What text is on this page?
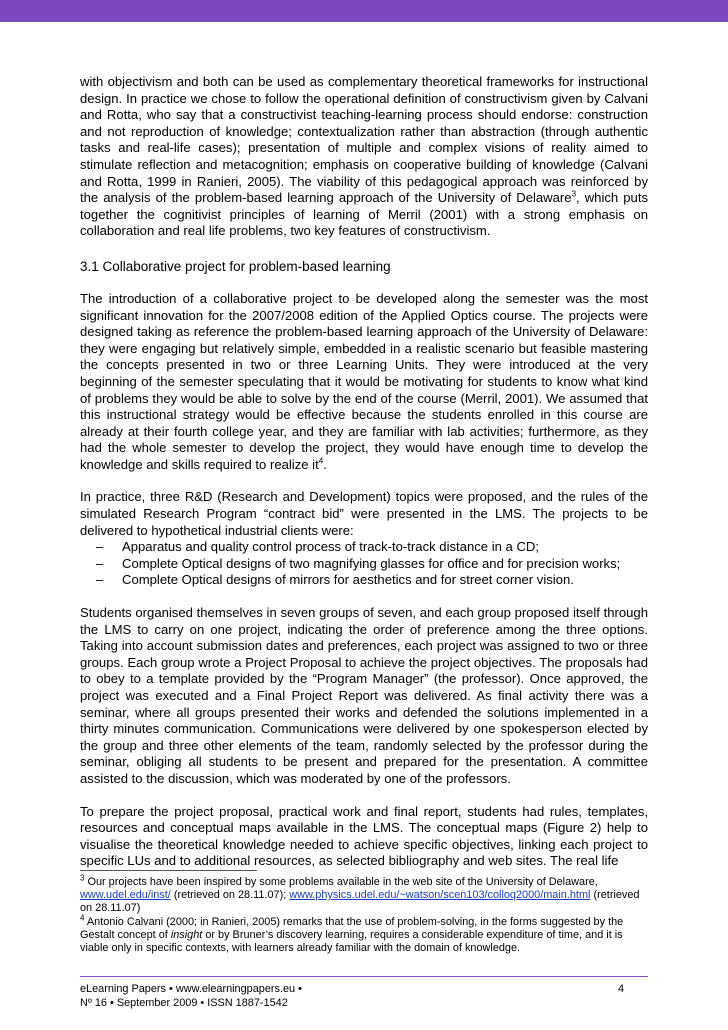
with objectivism and both can be used as complementary theoretical frameworks for instructional design. In practice we chose to follow the operational definition of constructivism given by Calvani and Rotta, who say that a constructivist teaching-learning process should endorse: construction and not reproduction of knowledge; contextualization rather than abstraction (through authentic tasks and real-life cases); presentation of multiple and complex visions of reality aimed to stimulate reflection and metacognition; emphasis on cooperative building of knowledge (Calvani and Rotta, 1999 in Ranieri, 2005). The viability of this pedagogical approach was reinforced by the analysis of the problem-based learning approach of the University of Delaware$^3$, which puts together the cognitivist principles of learning of Merril (2001) with a strong emphasis on collaboration and real life problems, two key features of constructivism.

3.1 Collaborative project for problem-based learning

The introduction of a collaborative project to be developed along the semester was the most significant innovation for the 2007/2008 edition of the Applied Optics course. The projects were designed taking as reference the problem-based learning approach of the University of Delaware: they were engaging but relatively simple, embedded in a realistic scenario but feasible mastering the concepts presented in two or three Learning Units. They were introduced at the very beginning of the semester speculating that it would be motivating for students to know what kind of problems they would be able to solve by the end of the course (Merril, 2001). We assumed that this instructional strategy would be effective because the students enrolled in this course are already at their fourth college year, and they are familiar with lab activities; furthermore, as they had the whole semester to develop the project, they would have enough time to develop the knowledge and skills required to realize $it^4$.

In practice, three R&D (Research and Development) topics were proposed, and the rules of the simulated Research Program “contract bid” were presented in the LMS. The projects to be delivered to hypothetical industrial clients were:

– Apparatus and quality control process of track-to-track distance in a CD;
– Complete Optical designs of two magnifying glasses for office and for precision works;
– Complete Optical designs of mirrors for aesthetics and for street corner vision.

Students organised themselves in seven groups of seven, and each group proposed itself through the LMS to carry on one project, indicating the order of preference among the three options. Taking into account submission dates and preferences, each project was assigned to two or three groups. Each group wrote a Project Proposal to achieve the project objectives. The proposals had to obey to a template provided by the “Program Manager” (the professor). Once approved, the project was executed and a Final Project Report was delivered. As final activity there was a seminar, where all groups presented their works and defended the solutions implemented in a thirty minutes communication. Communications were delivered by one spokesperson elected by the group and three other elements of the team, randomly selected by the professor during the seminar, obliging all students to be present and prepared for the presentation. A committee assisted to the discussion, which was moderated by one of the professors.

To prepare the project proposal, practical work and final report, students had rules, templates, resources and conceptual maps available in the LMS. The conceptual maps (Figure 2) help to visualise the theoretical knowledge needed to achieve specific objectives, linking each project to specific LUs and to additional resources, as selected bibliography and web sites. The real life

$^3$ Our projects have been inspired by some problems available in the web site of the University of Delaware, www.udel.edu/inst/ (retrieved on 28.11.07); www.physics.udel.edu/~watson/scen103/colloq2000/main.html (retrieved on 28.11.07)

$^4$ Antonio Calvani (2000; in Ranieri, 2005) remarks that the use of problem-solving, in the forms suggested by the Gestalt concept of insight or by Bruner’s discovery learning, requires a considerable expenditure of time, and it is viable only in specific contexts, with learners already familiar with the domain of knowledge.

eLearning Papers • www.elearningpapers.eu •
Nº 16 • September 2009 • ISSN 1887-1542
4
